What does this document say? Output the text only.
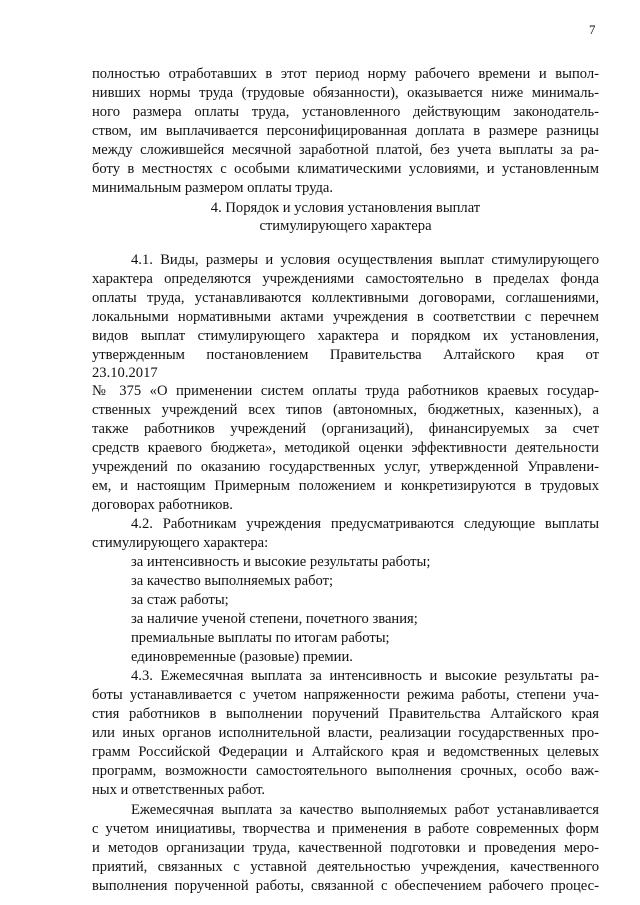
7
полностью отработавших в этот период норму рабочего времени и выпол-
нивших нормы труда (трудовые обязанности), оказывается ниже минималь-
ного размера оплаты труда, установленного действующим законодатель-
ством, им выплачивается персонифицированная доплата в размере разницы
между сложившейся месячной заработной платой, без учета выплаты за ра-
боту в местностях с особыми климатическими условиями, и установленным
минимальным размером оплаты труда.
4. Порядок и условия установления выплат
стимулирующего характера
4.1. Виды, размеры и условия осуществления выплат стимулирующего
характера определяются учреждениями самостоятельно в пределах фонда
оплаты труда, устанавливаются коллективными договорами, соглашениями,
локальными нормативными актами учреждения в соответствии с перечнем
видов выплат стимулирующего характера и порядком их установления,
утвержденным постановлением Правительства Алтайского края от
23.10.2017
№ 375 «О применении систем оплаты труда работников краевых государ-
ственных учреждений всех типов (автономных, бюджетных, казенных), а
также работников учреждений (организаций), финансируемых за счет
средств краевого бюджета», методикой оценки эффективности деятельности
учреждений по оказанию государственных услуг, утвержденной Управлени-
ем, и настоящим Примерным положением и конкретизируются в трудовых
договорах работников.
4.2. Работникам учреждения предусматриваются следующие выплаты
стимулирующего характера:
за интенсивность и высокие результаты работы;
за качество выполняемых работ;
за стаж работы;
за наличие ученой степени, почетного звания;
премиальные выплаты по итогам работы;
единовременные (разовые) премии.
4.3. Ежемесячная выплата за интенсивность и высокие результаты ра-
боты устанавливается с учетом напряженности режима работы, степени уча-
стия работников в выполнении поручений Правительства Алтайского края
или иных органов исполнительной власти, реализации государственных про-
грамм Российской Федерации и Алтайского края и ведомственных целевых
программ, возможности самостоятельного выполнения срочных, особо важ-
ных и ответственных работ.
Ежемесячная выплата за качество выполняемых работ устанавливается
с учетом инициативы, творчества и применения в работе современных форм
и методов организации труда, качественной подготовки и проведения меро-
приятий, связанных с уставной деятельностью учреждения, качественного
выполнения порученной работы, связанной с обеспечением рабочего процес-
